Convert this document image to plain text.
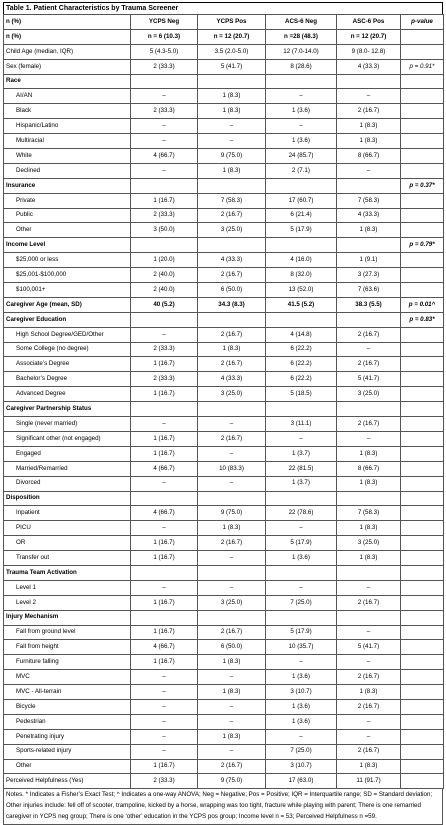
Table 1. Patient Characteristics by Trauma Screener
n (%)	YCPS Neg	YCPS Pos	ACS-6 Neg	ASC-6 Pos	p-value
n (%)	n = 6 (10.3)	n = 12 (20.7)	n =28 (48.3)	n = 12 (20.7)	
Child Age (median, IQR)	5 (4.3-5.0)	3.5 (2.0-5.0)	12 (7.0-14.0)	9 (8.0- 12.8)	
Sex (female)	2 (33.3)	5 (41.7)	8 (28.6)	4 (33.3)	p = 0.91*
Race					
AI/AN	–	1 (8.3)	–	–	
Black	2 (33.3)	1 (8.3)	1 (3.6)	2 (16.7)	
Hispanic/Latino	–	–	–	1 (8.3)	
Multiracial	–	–	1 (3.6)	1 (8.3)	
White	4 (66.7)	9 (75.0)	24 (85.7)	8 (66.7)	
Declined	–	1 (8.3)	2 (7.1)	–	
Insurance					p = 0.37*
Private	1 (16.7)	7 (58.3)	17 (60.7)	7 (58.3)	
Public	2 (33.3)	2 (16.7)	6 (21.4)	4 (33.3)	
Other	3 (50.0)	3 (25.0)	5 (17.9)	1 (8.3)	
Income Level					p = 0.79*
$25,000 or less	1 (20.0)	4 (33.3)	4 (16.0)	1 (9.1)	
$25,001-$100,000	2 (40.0)	2 (16.7)	8 (32.0)	3 (27.3)	
$100,001+	2 (40.0)	6 (50.0)	13 (52.0)	7 (63.6)	
Caregiver Age (mean, SD)	40 (5.2)	34.3 (8.3)	41.5 (5.2)	38.3 (5.5)	p = 0.01^
Caregiver Education					p = 0.83*
High School Degree/GED/Other	–	2 (16.7)	4 (14.8)	2 (16.7)	
Some College (no degree)	2 (33.3)	1 (8.3)	6 (22.2)	–	
Associate’s Degree	1 (16.7)	2 (16.7)	6 (22.2)	2 (16.7)	
Bachelor’s Degree	2 (33.3)	4 (33.3)	6 (22.2)	5 (41.7)	
Advanced Degree	1 (16.7)	3 (25.0)	5 (18.5)	3 (25.0)	
Caregiver Partnership Status					
Single (never married)	–	–	3 (11.1)	2 (16.7)	
Significant other (not engaged)	1 (16.7)	2 (16.7)	–	–	
Engaged	1 (16.7)	–	1 (3.7)	1 (8.3)	
Married/Remarried	4 (66.7)	10 (83.3)	22 (81.5)	8 (66.7)	
Divorced	–	–	1 (3.7)	1 (8.3)	
Disposition					
Inpatient	4 (66.7)	9 (75.0)	22 (78.6)	7 (58.3)	
PICU	–	1 (8.3)	–	1 (8.3)	
OR	1 (16.7)	2 (16.7)	5 (17.9)	3 (25.0)	
Transfer out	1 (16.7)	–	1 (3.6)	1 (8.3)	
Trauma Team Activation					
Level 1	–	–	–	–	
Level 2	1 (16.7)	3 (25.0)	7 (25.0)	2 (16.7)	
Injury Mechanism					
Fall from ground level	1 (16.7)	2 (16.7)	5 (17.9)	–	
Fall from height	4 (66.7)	6 (50.0)	10 (35.7)	5 (41.7)	
Furniture falling	1 (16.7)	1 (8.3)	–	–	
MVC	–	–	1 (3.6)	2 (16.7)	
MVC - All-terrain	–	1 (8.3)	3 (10.7)	1 (8.3)	
Bicycle	–	–	1 (3.6)	2 (16.7)	
Pedestrian	–	–	1 (3.6)	–	
Penetrating injury	–	1 (8.3)	–	–	
Sports-related injury	–	–	7 (25.0)	2 (16.7)	
Other	1 (16.7)	2 (16.7)	3 (10.7)	1 (8.3)	
Perceived Helpfulness (Yes)	2 (33.3)	9 (75.0)	17 (63.0)	11 (91.7)	
Notes. * Indicates a Fisher’s Exact Test; ^ Indicates a one-way ANOVA; Neg = Negative; Pos = Positive; IQR = Interquartile range; SD = Standard deviation; Other injuries include: fell off of scooter, trampoline, kicked by a horse, wrapping was too tight, fracture while playing with parent; There is one remarried caregiver in YCPS neg group; There is one ‘other’ education in the YCPS pos group; Income level n = 53; Perceived Helpfulness n =59.
